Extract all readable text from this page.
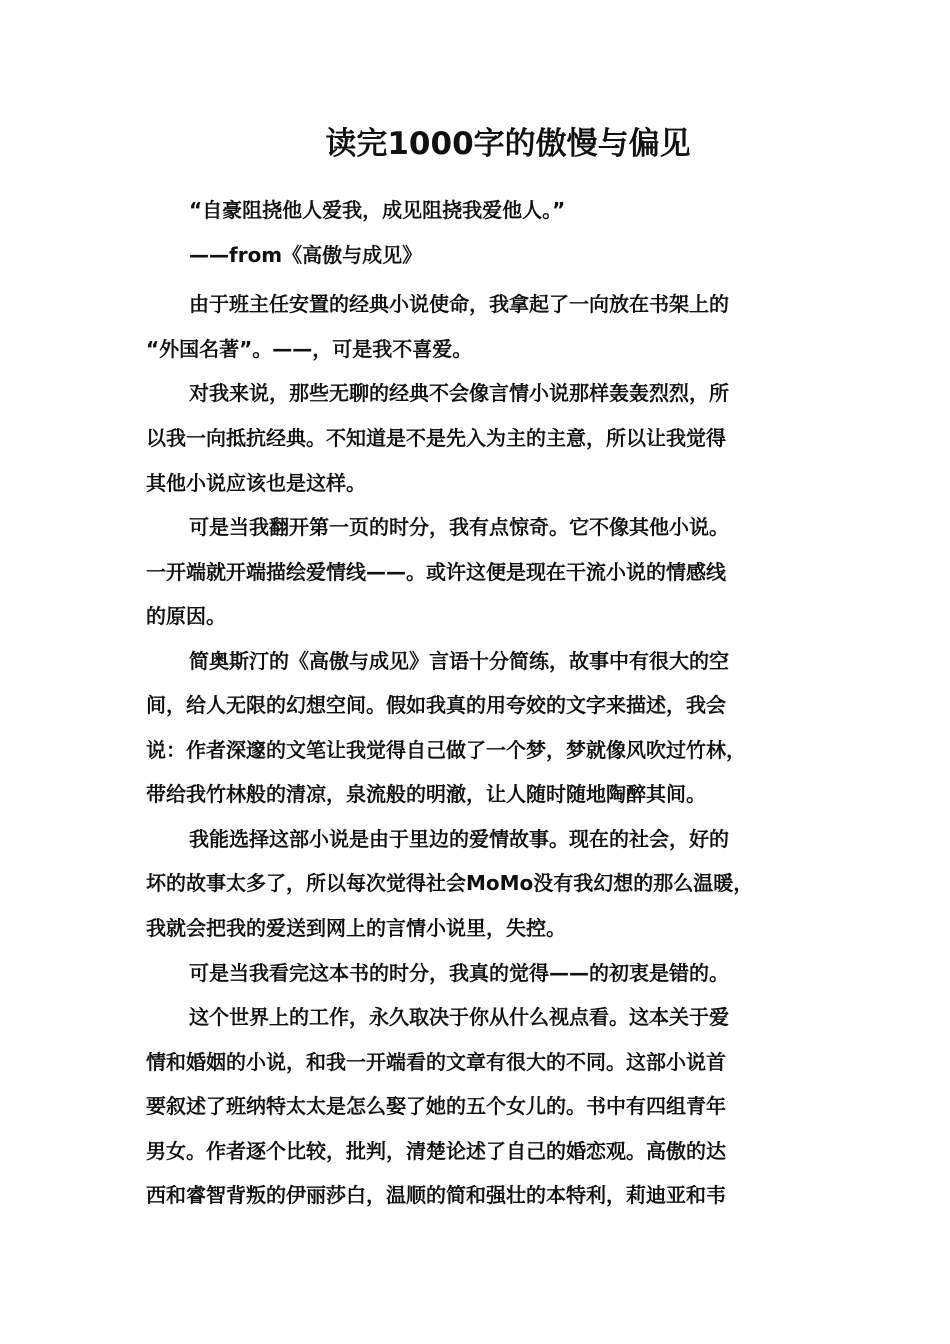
读完1000字的傲慢与偏见
“自豪阻挠他人爱我，成见阻挠我爱他人。”
——from《高傲与成见》
由于班主任安置的经典小说使命，我拿起了一向放在书架上的
“外国名著”。——，可是我不喜爱。
对我来说，那些无聊的经典不会像言情小说那样轰轰烈烈，所
以我一向抵抗经典。不知道是不是先入为主的主意，所以让我觉得
其他小说应该也是这样。
可是当我翻开第一页的时分，我有点惊奇。它不像其他小说。
一开端就开端描绘爱情线——。或许这便是现在干流小说的情感线
的原因。
简奥斯汀的《高傲与成见》言语十分简练，故事中有很大的空
间，给人无限的幻想空间。假如我真的用夸姣的文字来描述，我会
说：作者深邃的文笔让我觉得自己做了一个梦，梦就像风吹过竹林，
带给我竹林般的清凉，泉流般的明澈，让人随时随地陶醉其间。
我能选择这部小说是由于里边的爱情故事。现在的社会，好的
坏的故事太多了，所以每次觉得社会MoMo没有我幻想的那么温暖，
我就会把我的爱送到网上的言情小说里，失控。
可是当我看完这本书的时分，我真的觉得——的初衷是错的。
这个世界上的工作，永久取决于你从什么视点看。这本关于爱
情和婚姻的小说，和我一开端看的文章有很大的不同。这部小说首
要叙述了班纳特太太是怎么娶了她的五个女儿的。书中有四组青年
男女。作者逐个比较，批判，清楚论述了自己的婚恋观。高傲的达
西和睿智背叛的伊丽莎白，温顺的简和强壮的本特利，莉迪亚和韦
